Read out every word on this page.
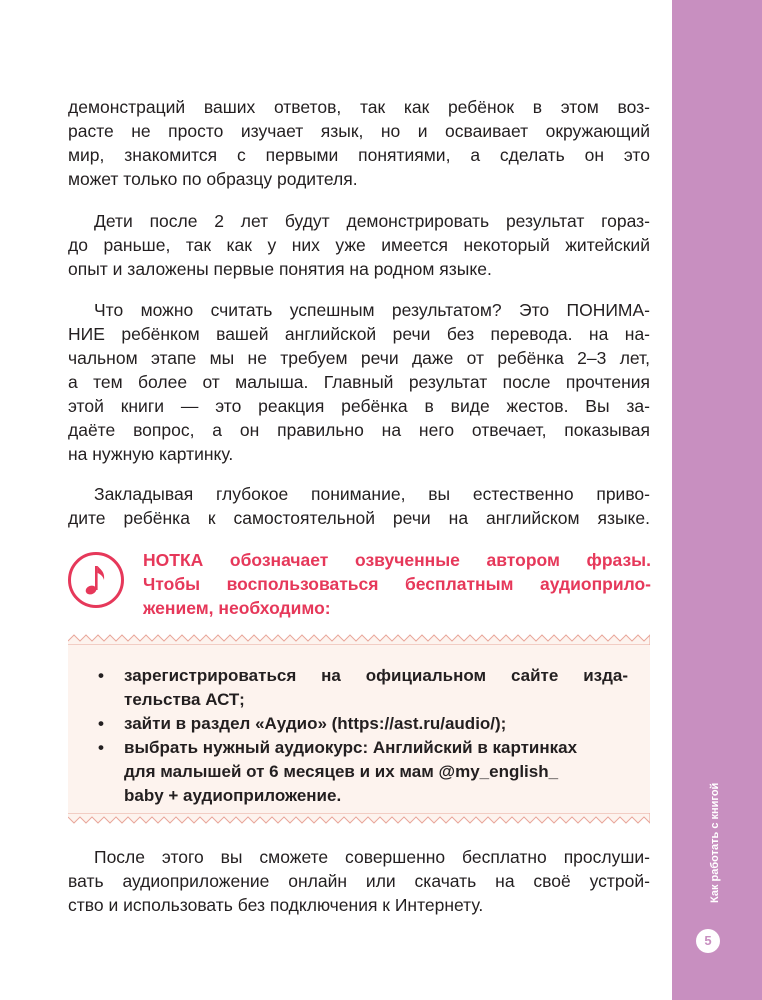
Как работать с книгой
5

демонстраций ваших ответов, так как ребёнок в этом воз-
расте не просто изучает язык, но и осваивает окружающий
мир, знакомится с первыми понятиями, а сделать он это
может только по образцу родителя.

Дети после 2 лет будут демонстрировать результат гораз-
до раньше, так как у них уже имеется некоторый житейский
опыт и заложены первые понятия на родном языке.

Что можно считать успешным результатом? Это ПОНИМА-
НИЕ ребёнком вашей английской речи без перевода. на на-
чальном этапе мы не требуем речи даже от ребёнка 2–3 лет,
а тем более от малыша. Главный результат после прочтения
этой книги — это реакция ребёнка в виде жестов. Вы за-
даёте вопрос, а он правильно на него отвечает, показывая
на нужную картинку.

Закладывая глубокое понимание, вы естественно приво-
дите ребёнка к самостоятельной речи на английском языке.

НОТКА обозначает озвученные автором фразы.
Чтобы воспользоваться бесплатным аудиоприло-
жением, необходимо:

• зарегистрироваться на официальном сайте изда-
тельства АСТ;
• зайти в раздел «Аудио» (https://ast.ru/audio/);
• выбрать нужный аудиокурс: Английский в картинках
для малышей от 6 месяцев и их мам @my_english_
baby + аудиоприложение.

После этого вы сможете совершенно бесплатно прослуши-
вать аудиоприложение онлайн или скачать на своё устрой-
ство и использовать без подключения к Интернету.
